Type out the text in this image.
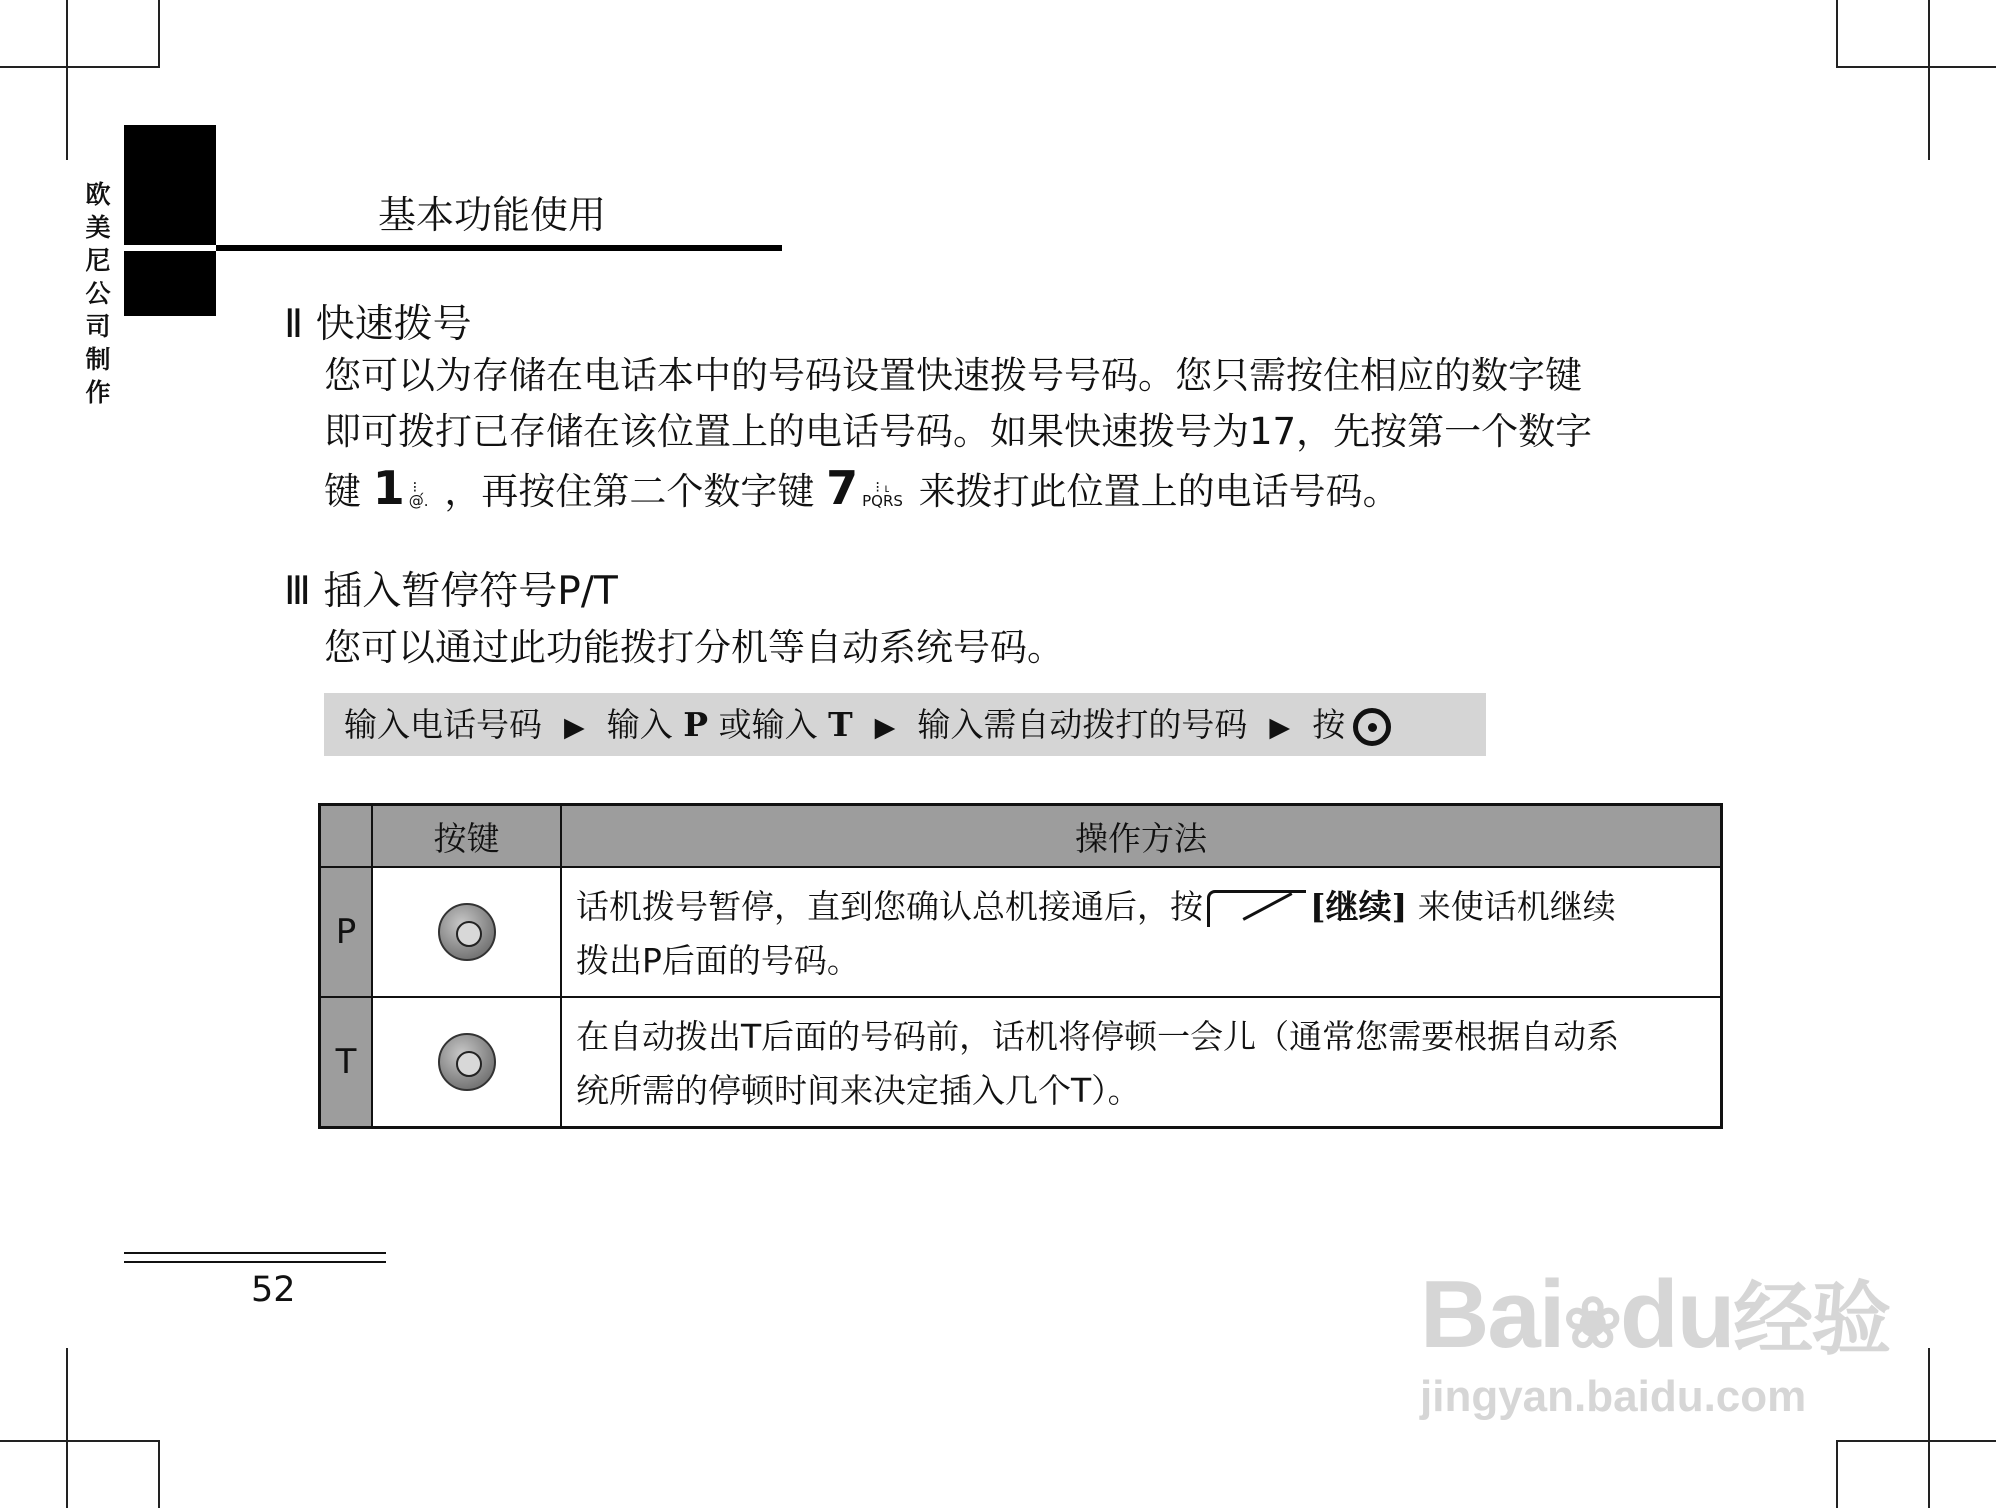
欧
美
尼
公
司
制
作
基本功能使用
Ⅱ 快速拨号
您可以为存储在电话本中的号码设置快速拨号号码。您只需按住相应的数字键
即可拨打已存储在该位置上的电话号码。如果快速拨号为17，先按第一个数字
键 1 ⁝ˏ
@. ，再按住第二个数字键 7 ⁝ ˪
PQRS 来拨打此位置上的电话号码。
Ⅲ 插入暂停符号P/T
您可以通过此功能拨打分机等自动系统号码。
输入电话号码 ▶ 输入 P 或输入 T ▶ 输入需自动拨打的号码 ▶ 按
	按键	操作方法
P		话机拨号暂停，直到您确认总机接通后，按 [继续] 来使话机继续
拨出P后面的号码。
T		在自动拨出T后面的号码前，话机将停顿一会儿（通常您需要根据自动系
统所需的停顿时间来决定插入几个T）。
52	Bai❀du经验
jingyan.baidu.com
